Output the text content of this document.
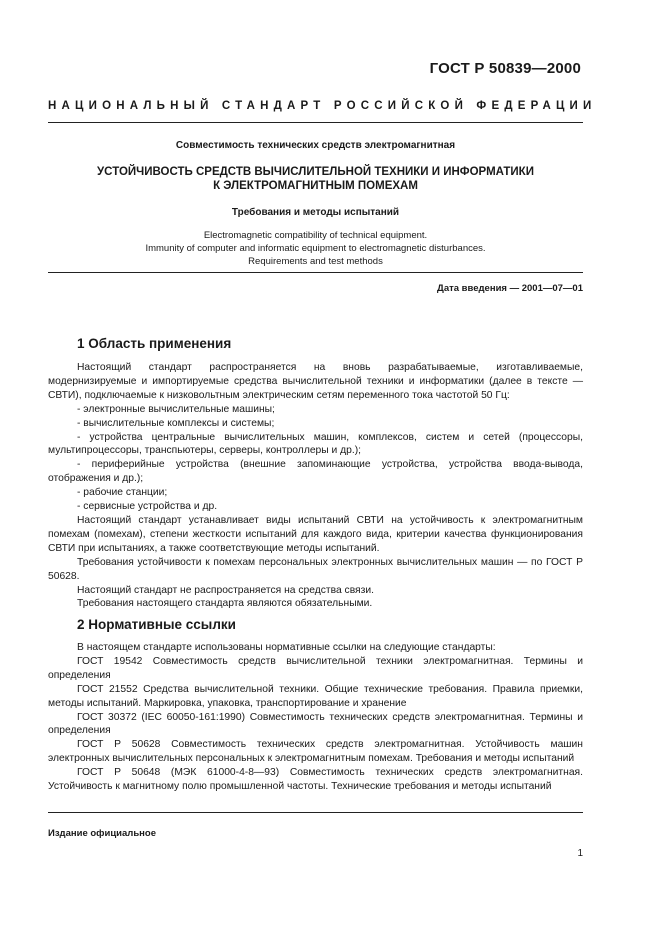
ГОСТ Р 50839—2000
НАЦИОНАЛЬНЫЙ СТАНДАРТ РОССИЙСКОЙ ФЕДЕРАЦИИ
Совместимость технических средств электромагнитная
УСТОЙЧИВОСТЬ СРЕДСТВ ВЫЧИСЛИТЕЛЬНОЙ ТЕХНИКИ И ИНФОРМАТИКИ
К ЭЛЕКТРОМАГНИТНЫМ ПОМЕХАМ
Требования и методы испытаний
Electromagnetic compatibility of technical equipment.
Immunity of computer and informatic equipment to electromagnetic disturbances.
Requirements and test methods
Дата введения — 2001—07—01
1 Область применения

Настоящий стандарт распространяется на вновь разрабатываемые, изготавливаемые, модернизируемые и импортируемые средства вычислительной техники и информатики (далее в тексте — СВТИ), подключаемые к низковольтным электрическим сетям переменного тока частотой 50 Гц:

- электронные вычислительные машины;

- вычислительные комплексы и системы;

- устройства центральные вычислительных машин, комплексов, систем и сетей (процессоры, мультипроцессоры, транспьютеры, серверы, контроллеры и др.);

- периферийные устройства (внешние запоминающие устройства, устройства ввода-вывода, отображения и др.);

- рабочие станции;

- сервисные устройства и др.

Настоящий стандарт устанавливает виды испытаний СВТИ на устойчивость к электромагнитным помехам (помехам), степени жесткости испытаний для каждого вида, критерии качества функционирования СВТИ при испытаниях, а также соответствующие методы испытаний.

Требования устойчивости к помехам персональных электронных вычислительных машин — по ГОСТ Р 50628.

Настоящий стандарт не распространяется на средства связи.

Требования настоящего стандарта являются обязательными.

2 Нормативные ссылки

В настоящем стандарте использованы нормативные ссылки на следующие стандарты:

ГОСТ 19542 Совместимость средств вычислительной техники электромагнитная. Термины и определения

ГОСТ 21552 Средства вычислительной техники. Общие технические требования. Правила приемки, методы испытаний. Маркировка, упаковка, транспортирование и хранение

ГОСТ 30372 (IEC 60050-161:1990) Совместимость технических средств электромагнитная. Термины и определения

ГОСТ Р 50628 Совместимость технических средств электромагнитная. Устойчивость машин электронных вычислительных персональных к электромагнитным помехам. Требования и методы испытаний

ГОСТ Р 50648 (МЭК 61000-4-8—93) Совместимость технических средств электромагнитная. Устойчивость к магнитному полю промышленной частоты. Технические требования и методы испытаний

Издание официальное
1
